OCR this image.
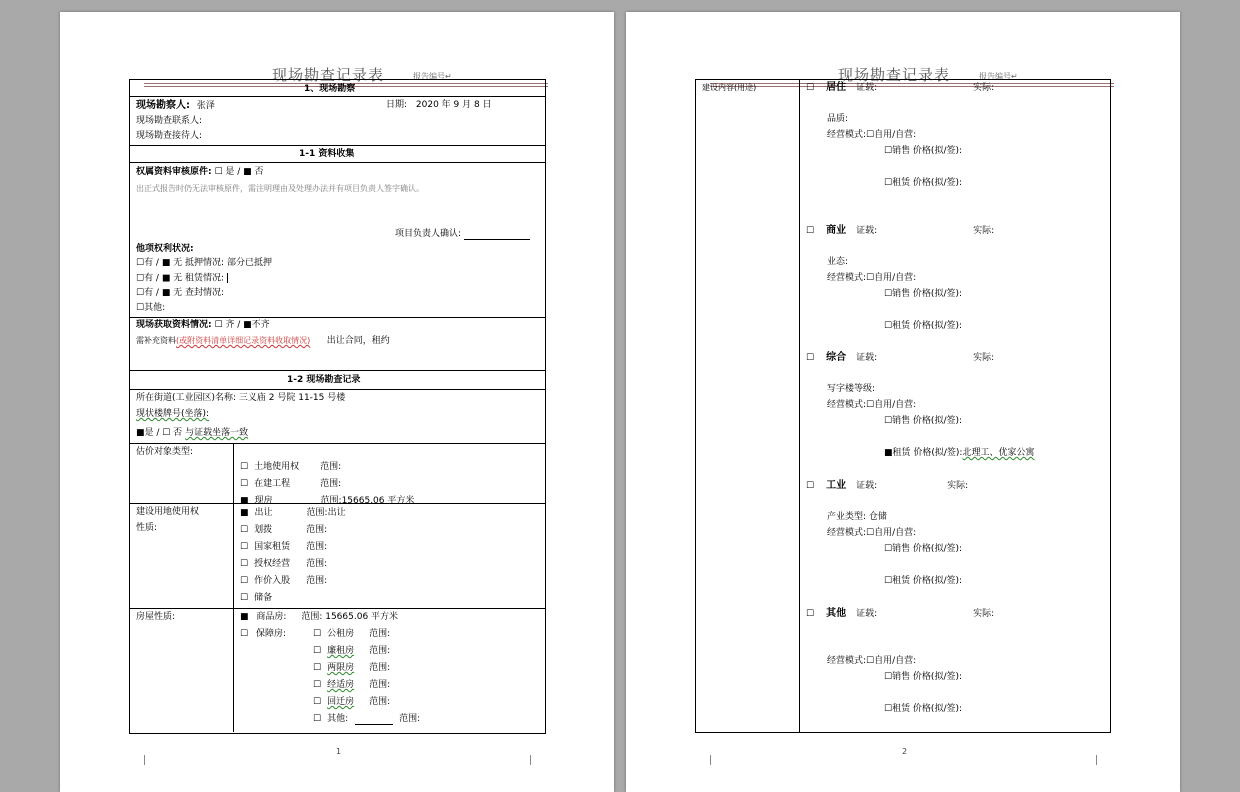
现场勘查记录表	报告编号↵
1、现场勘察
现场勘察人: 张泽	日期: 2020 年 9 月 8 日
现场勘查联系人:
现场勘查接待人:
1-1 资料收集
权属资料审核原件: ☐ 是 / ■ 否
出正式报告时仍无法审核原件，需注明理由及处理办法并有项目负责人签字确认。
项目负责人确认:
他项权利状况:
☐有 / ■ 无 抵押情况: 部分已抵押
☐有 / ■ 无 租赁情况:
☐有 / ■ 无 查封情况:
☐其他:
现场获取资料情况: ☐ 齐 / ■不齐
需补充资料(或附资料清单详细记录资料收取情况) 出让合同，租约
1-2 现场勘查记录
所在街道(工业园区)名称: 三义庙 2 号院 11-15 号楼
现状楼牌号(坐落):
■是 / ☐ 否 与证载坐落一致
估价对象类型:
☐ 土地使用权 范围:
☐ 在建工程	范围:
■ 现房	范围:15665.06 平方米
建设用地使用权
性质:
■ 出让	范围:出让
☐ 划拨	范围:
☐ 国家租赁 范围:
☐ 授权经营 范围:
☐ 作价入股 范围:
☐ 储备
房屋性质:	■ 商品房: 范围: 15665.06 平方米
☐ 保障房:	☐ 公租房 范围:
☐ 廉租房 范围:
☐ 两限房 范围:
☐ 经适房 范围:
☐ 回迁房 范围:
☐ 其他:	范围:
1
现场勘查记录表	报告编号↵
建设内容(用途)	☐ 居住 证载:	实际:
品质:
经营模式:☐自用/自营:
☐销售 价格(拟/签):
☐租赁 价格(拟/签):
☐ 商业 证载:	实际:
业态:
经营模式:☐自用/自营:
☐销售 价格(拟/签):
☐租赁 价格(拟/签):
☐ 综合 证载:	实际:
写字楼等级:
经营模式:☐自用/自营:
☐销售 价格(拟/签):
■租赁 价格(拟/签):北理工、优家公寓
☐ 工业 证载:	实际:
产业类型: 仓储
经营模式:☐自用/自营:
☐销售 价格(拟/签):
☐租赁 价格(拟/签):
☐ 其他 证载:	实际:
经营模式:☐自用/自营:
☐销售 价格(拟/签):
☐租赁 价格(拟/签):
2
